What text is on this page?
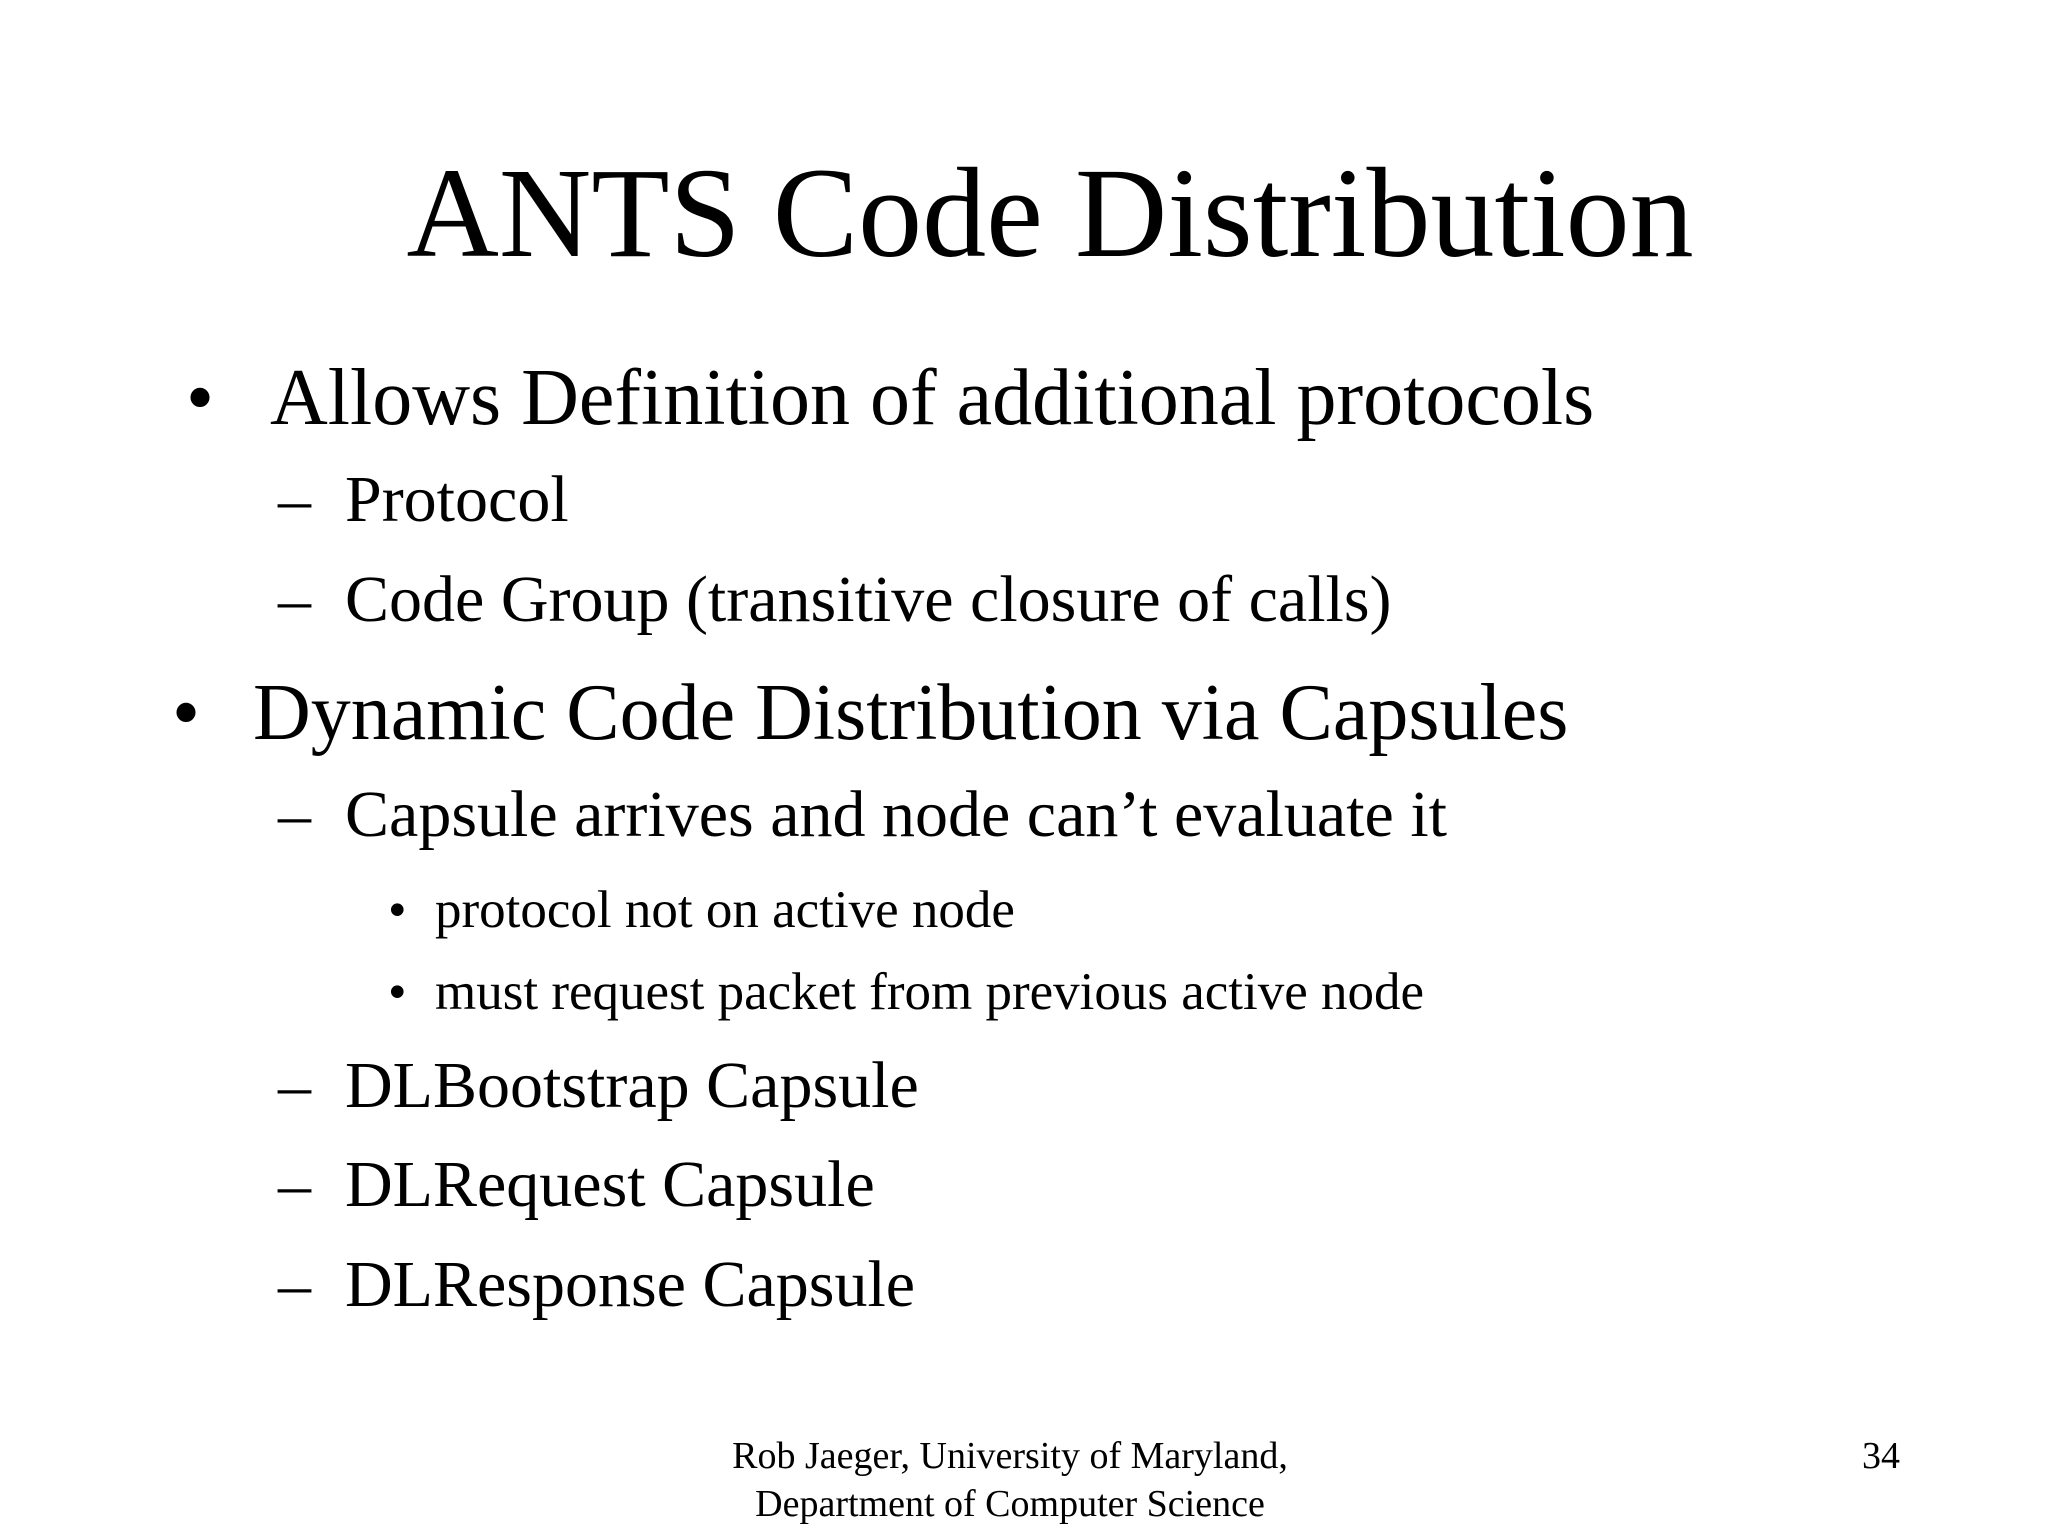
ANTS Code Distribution
• Allows Definition of additional protocols
– Protocol
– Code Group (transitive closure of calls)
• Dynamic Code Distribution via Capsules
– Capsule arrives and node can’t evaluate it
• protocol not on active node
• must request packet from previous active node
– DLBootstrap Capsule
– DLRequest Capsule
– DLResponse Capsule
Rob Jaeger, University of Maryland,
Department of Computer Science
34
